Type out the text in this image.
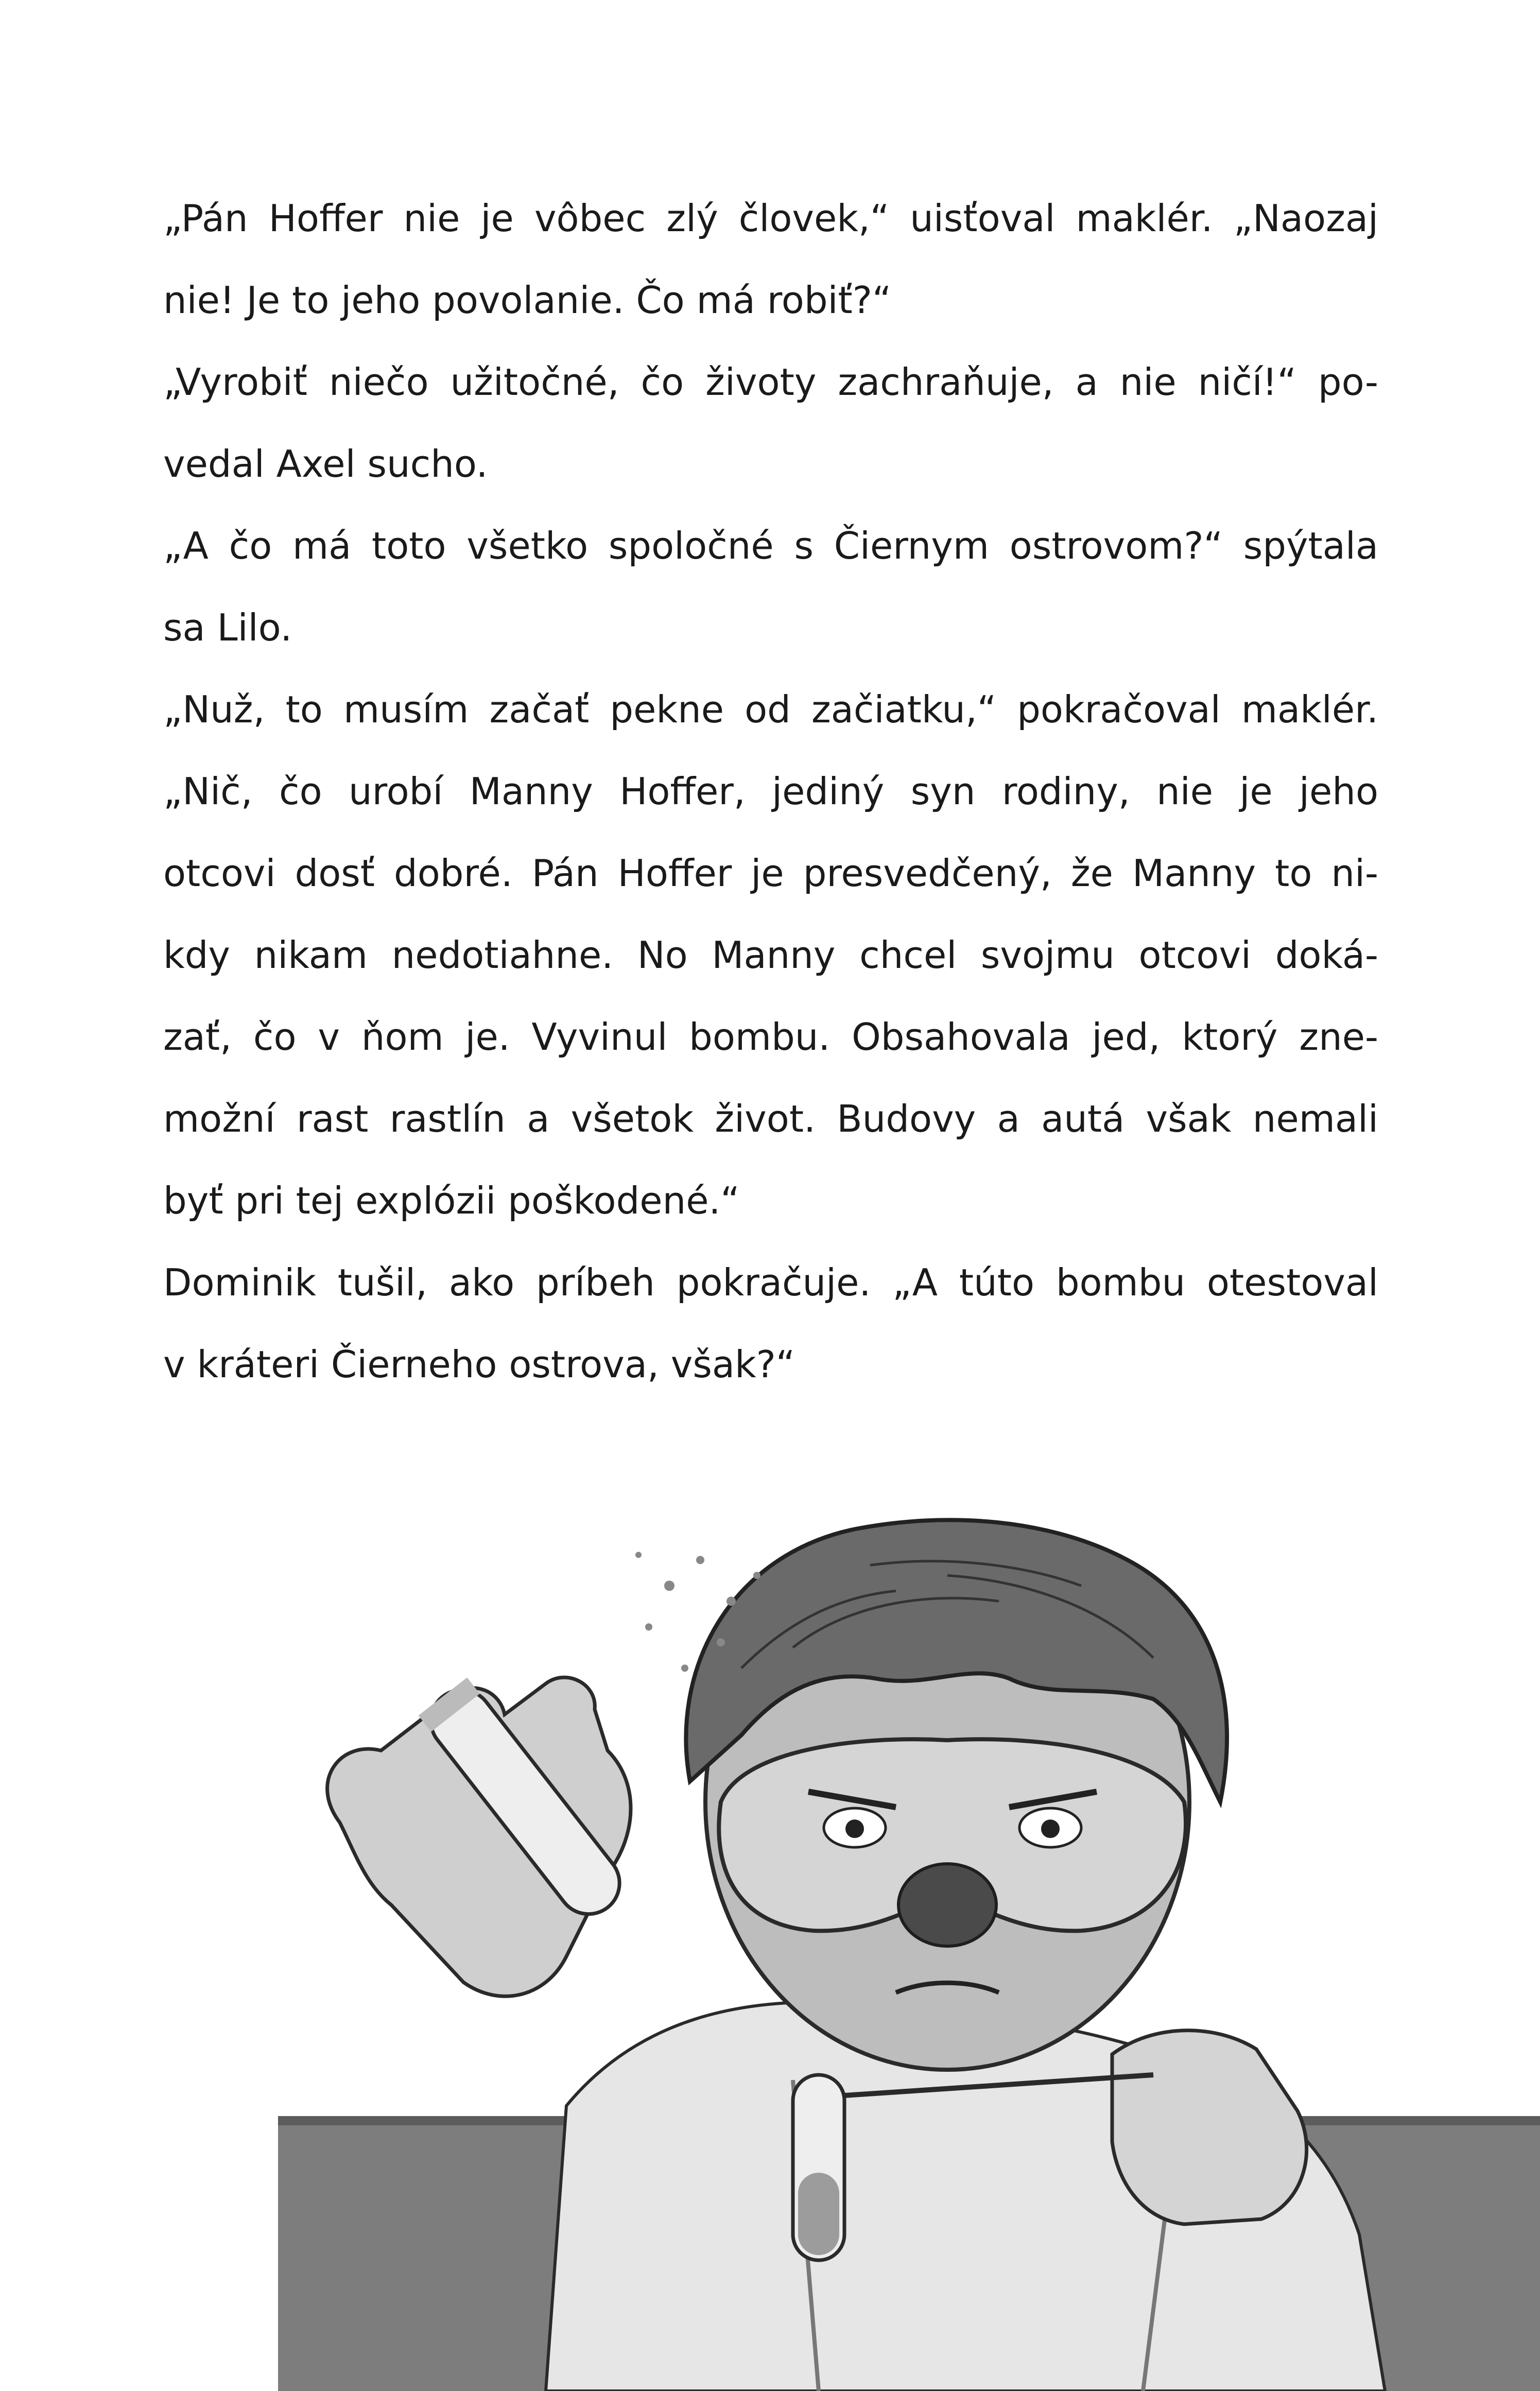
„Pán Hoffer nie je vôbec zlý človek,“ uisťoval maklér. „Naozaj
nie! Je to jeho povolanie. Čo má robiť?“
„Vyrobiť niečo užitočné, čo životy zachraňuje, a nie ničí!“ po-
vedal Axel sucho.
„A čo má toto všetko spoločné s Čiernym ostrovom?“ spýtala
sa Lilo.
„Nuž, to musím začať pekne od začiatku,“ pokračoval maklér.
„Nič, čo urobí Manny Hoffer, jediný syn rodiny, nie je jeho
otcovi dosť dobré. Pán Hoffer je presvedčený, že Manny to ni-
kdy nikam nedotiahne. No Manny chcel svojmu otcovi doká-
zať, čo v ňom je. Vyvinul bombu. Obsahovala jed, ktorý zne-
možní rast rastlín a všetok život. Budovy a autá však nemali
byť pri tej explózii poškodené.“
Dominik tušil, ako príbeh pokračuje. „A túto bombu otestoval
v kráteri Čierneho ostrova, však?“
